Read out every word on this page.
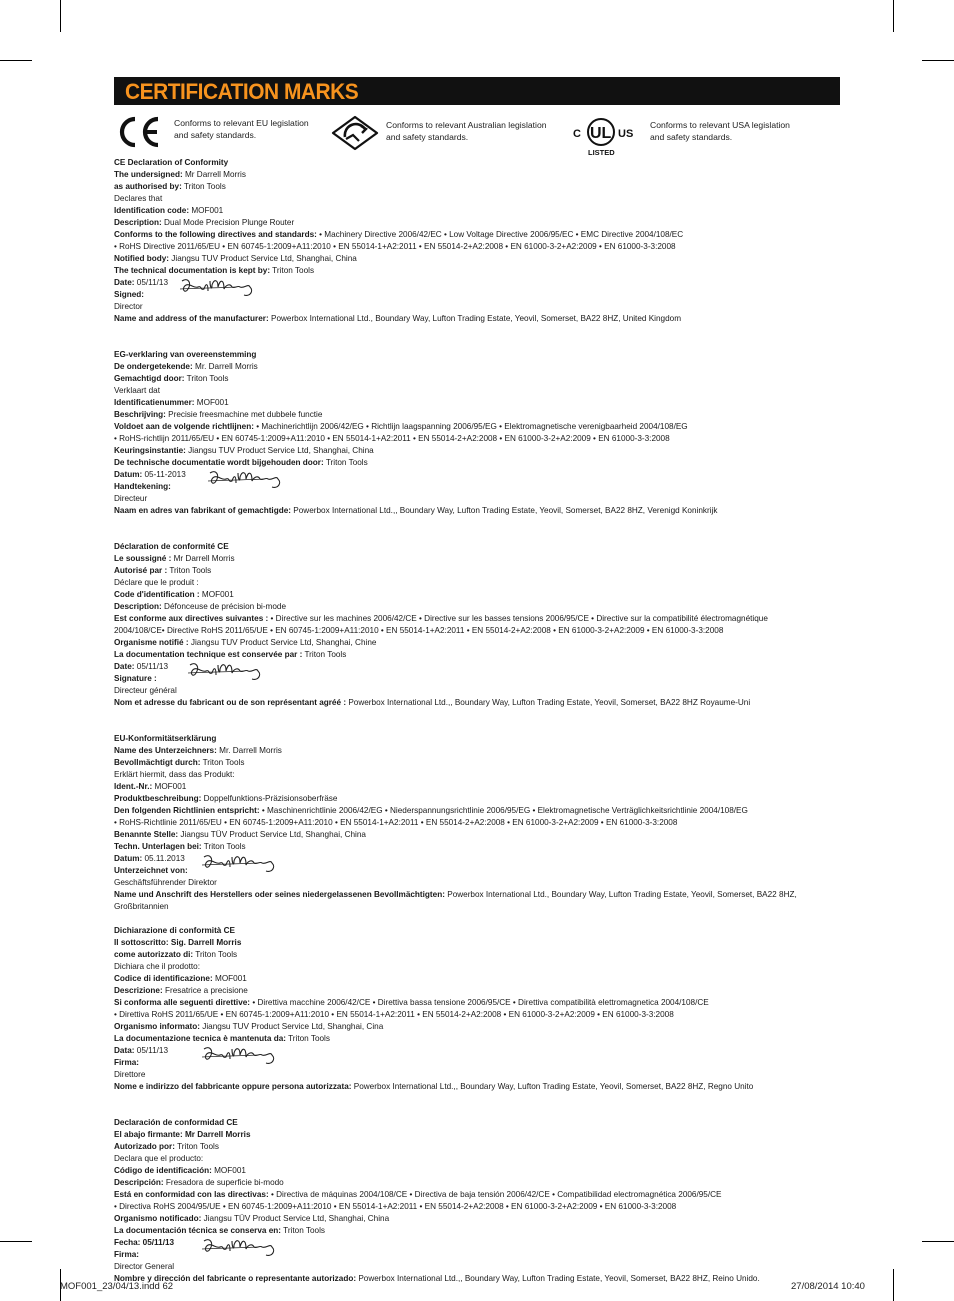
CERTIFICATION MARKS
Conforms to relevant EU legislation
and safety standards.
Conforms to relevant Australian legislation
and safety standards.	C UL US
LISTED
Conforms to relevant USA legislation
and safety standards.
CE Declaration of Conformity
The undersigned: Mr Darrell Morris
as authorised by: Triton Tools
Declares that
Identification code: MOF001
Description: Dual Mode Precision Plunge Router
Conforms to the following directives and standards: • Machinery Directive 2006/42/EC • Low Voltage Directive 2006/95/EC • EMC Directive 2004/108/EC
• RoHS Directive 2011/65/EU • EN 60745-1:2009+A11:2010 • EN 55014-1+A2:2011 • EN 55014-2+A2:2008 • EN 61000-3-2+A2:2009 • EN 61000-3-3:2008
Notified body: Jiangsu TUV Product Service Ltd, Shanghai, China
The technical documentation is kept by: Triton Tools
Date: 05/11/13
Signed:
Director
Name and address of the manufacturer: Powerbox International Ltd., Boundary Way, Lufton Trading Estate, Yeovil, Somerset, BA22 8HZ, United Kingdom
EG-verklaring van overeenstemming
De ondergetekende: Mr. Darrell Morris
Gemachtigd door: Triton Tools
Verklaart dat
Identificatienummer: MOF001
Beschrijving: Precisie freesmachine met dubbele functie
Voldoet aan de volgende richtlijnen: • Machinerichtlijn 2006/42/EG • Richtlijn laagspanning 2006/95/EG • Elektromagnetische verenigbaarheid 2004/108/EG
• RoHS-richtlijn 2011/65/EU • EN 60745-1:2009+A11:2010 • EN 55014-1+A2:2011 • EN 55014-2+A2:2008 • EN 61000-3-2+A2:2009 • EN 61000-3-3:2008
Keuringsinstantie: Jiangsu TUV Product Service Ltd, Shanghai, China
De technische documentatie wordt bijgehouden door: Triton Tools
Datum: 05-11-2013
Handtekening:
Directeur
Naam en adres van fabrikant of gemachtigde: Powerbox International Ltd.,, Boundary Way, Lufton Trading Estate, Yeovil, Somerset, BA22 8HZ, Verenigd Koninkrijk
Déclaration de conformité CE
Le soussigné : Mr Darrell Morris
Autorisé par : Triton Tools
Déclare que le produit :
Code d'identification : MOF001
Description: Défonceuse de précision bi-mode
Est conforme aux directives suivantes : • Directive sur les machines 2006/42/CE • Directive sur les basses tensions 2006/95/CE • Directive sur la compatibilité électromagnétique
2004/108/CE• Directive RoHS 2011/65/UE • EN 60745-1:2009+A11:2010 • EN 55014-1+A2:2011 • EN 55014-2+A2:2008 • EN 61000-3-2+A2:2009 • EN 61000-3-3:2008
Organisme notifié : Jiangsu TUV Product Service Ltd, Shanghai, Chine
La documentation technique est conservée par : Triton Tools
Date: 05/11/13
Signature :
Directeur général
Nom et adresse du fabricant ou de son représentant agréé : Powerbox International Ltd.,, Boundary Way, Lufton Trading Estate, Yeovil, Somerset, BA22 8HZ Royaume-Uni
EU-Konformitätserklärung
Name des Unterzeichners: Mr. Darrell Morris
Bevollmächtigt durch: Triton Tools
Erklärt hiermit, dass das Produkt:
Ident.-Nr.: MOF001
Produktbeschreibung: Doppelfunktions-Präzisionsoberfräse
Den folgenden Richtlinien entspricht: • Maschinenrichtlinie 2006/42/EG • Niederspannungsrichtlinie 2006/95/EG • Elektromagnetische Verträglichkeitsrichtlinie 2004/108/EG
• RoHS-Richtlinie 2011/65/EU • EN 60745-1:2009+A11:2010 • EN 55014-1+A2:2011 • EN 55014-2+A2:2008 • EN 61000-3-2+A2:2009 • EN 61000-3-3:2008
Benannte Stelle: Jiangsu TÜV Product Service Ltd, Shanghai, China
Techn. Unterlagen bei: Triton Tools
Datum: 05.11.2013
Unterzeichnet von:
Geschäftsführender Direktor
Name und Anschrift des Herstellers oder seines niedergelassenen Bevollmächtigten: Powerbox International Ltd., Boundary Way, Lufton Trading Estate, Yeovil, Somerset, BA22 8HZ,
Großbritannien
Dichiarazione di conformità CE
Il sottoscritto: Sig. Darrell Morris
come autorizzato di: Triton Tools
Dichiara che il prodotto:
Codice di identificazione: MOF001
Descrizione: Fresatrice a precisione
Si conforma alle seguenti direttive: • Direttiva macchine 2006/42/CE • Direttiva bassa tensione 2006/95/CE • Direttiva compatibilità elettromagnetica 2004/108/CE
• Direttiva RoHS 2011/65/UE • EN 60745-1:2009+A11:2010 • EN 55014-1+A2:2011 • EN 55014-2+A2:2008 • EN 61000-3-2+A2:2009 • EN 61000-3-3:2008
Organismo informato: Jiangsu TUV Product Service Ltd, Shanghai, Cina
La documentazione tecnica è mantenuta da: Triton Tools
Data: 05/11/13
Firma:
Direttore
Nome e indirizzo del fabbricante oppure persona autorizzata: Powerbox International Ltd.,, Boundary Way, Lufton Trading Estate, Yeovil, Somerset, BA22 8HZ, Regno Unito
Declaración de conformidad CE
El abajo firmante: Mr Darrell Morris
Autorizado por: Triton Tools
Declara que el producto:
Código de identificación: MOF001
Descripción: Fresadora de superficie bi-modo
Está en conformidad con las directivas: • Directiva de máquinas 2004/108/CE • Directiva de baja tensión 2006/42/CE • Compatibilidad electromagnética 2006/95/CE
• Directiva RoHS 2004/95/UE • EN 60745-1:2009+A11:2010 • EN 55014-1+A2:2011 • EN 55014-2+A2:2008 • EN 61000-3-2+A2:2009 • EN 61000-3-3:2008
Organismo notificado: Jiangsu TÜV Product Service Ltd, Shanghai, China
La documentación técnica se conserva en: Triton Tools
Fecha: 05/11/13
Firma:
Director General
Nombre y dirección del fabricante o representante autorizado: Powerbox International Ltd.,, Boundary Way, Lufton Trading Estate, Yeovil, Somerset, BA22 8HZ, Reino Unido.
MOF001_23/04/13.indd 62	27/08/2014 10:40
